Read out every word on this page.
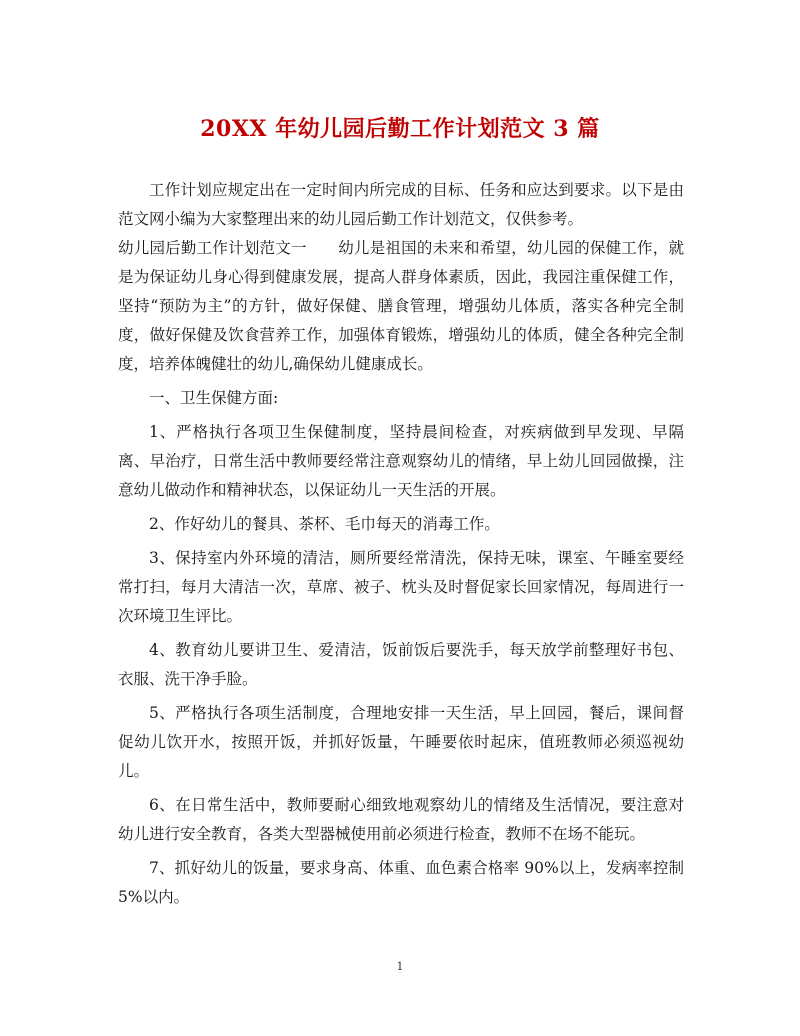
20XX 年幼儿园后勤工作计划范文 3 篇

工作计划应规定出在一定时间内所完成的目标、任务和应达到要求。以下是由范文网小编为大家整理出来的幼儿园后勤工作计划范文，仅供参考。

幼儿园后勤工作计划范文一　　幼儿是祖国的未来和希望，幼儿园的保健工作，就是为保证幼儿身心得到健康发展，提高人群身体素质，因此，我园注重保健工作，坚持“预防为主”的方针，做好保健、膳食管理，增强幼儿体质，落实各种完全制度，做好保健及饮食营养工作，加强体育锻炼，增强幼儿的体质，健全各种完全制度，培养体魄健壮的幼儿,确保幼儿健康成长。

一、卫生保健方面:

1、严格执行各项卫生保健制度，坚持晨间检查，对疾病做到早发现、早隔离、早治疗，日常生活中教师要经常注意观察幼儿的情绪，早上幼儿回园做操，注意幼儿做动作和精神状态，以保证幼儿一天生活的开展。

2、作好幼儿的餐具、茶杯、毛巾每天的消毒工作。

3、保持室内外环境的清洁，厕所要经常清洗，保持无味，课室、午睡室要经常打扫，每月大清洁一次，草席、被子、枕头及时督促家长回家情况，每周进行一次环境卫生评比。

4、教育幼儿要讲卫生、爱清洁，饭前饭后要洗手，每天放学前整理好书包、衣服、洗干净手脸。

5、严格执行各项生活制度，合理地安排一天生活，早上回园，餐后，课间督促幼儿饮开水，按照开饭，并抓好饭量，午睡要依时起床，值班教师必须巡视幼儿。

6、在日常生活中，教师要耐心细致地观察幼儿的情绪及生活情况，要注意对幼儿进行安全教育，各类大型器械使用前必须进行检查，教师不在场不能玩。

7、抓好幼儿的饭量，要求身高、体重、血色素合格率 90%以上，发病率控制5%以内。

1
